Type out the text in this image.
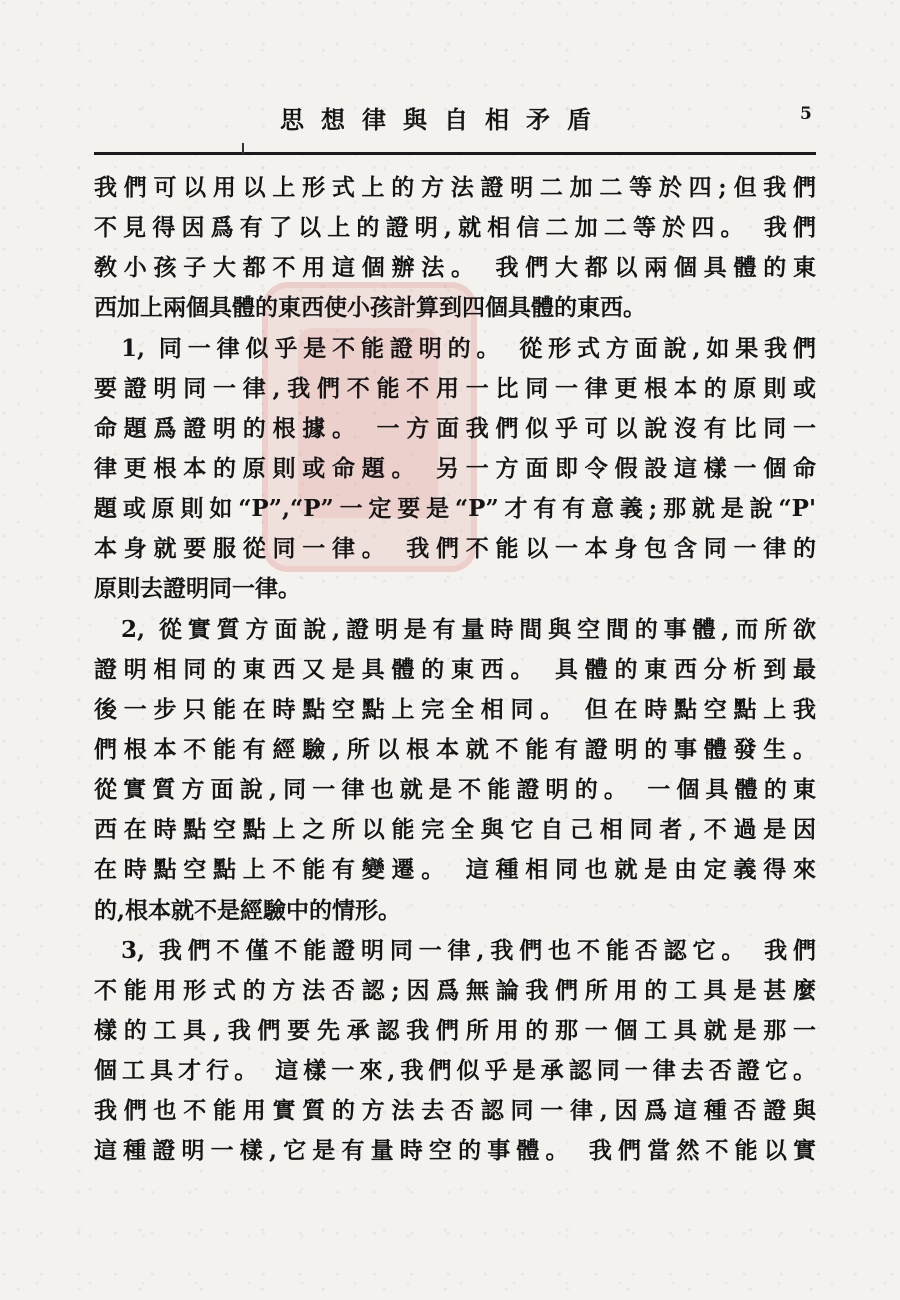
思想律與自相矛盾	5
我們可以用以上形式上的方法證明二加二等於四;但我們
不見得因爲有了以上的證明,就相信二加二等於四。 我們
敎小孩子大都不用這個辦法。 我們大都以兩個具體的東
西加上兩個具體的東西使小孩計算到四個具體的東西。
1, 同一律似乎是不能證明的。 從形式方面說,如果我們
要證明同一律,我們不能不用一比同一律更根本的原則或
命題爲證明的根據。 一方面我們似乎可以說沒有比同一
律更根本的原則或命題。 另一方面即令假設這樣一個命
題或原則如“P”,“P”一定要是“P”才有有意義;那就是說“P'
本身就要服從同一律。 我們不能以一本身包含同一律的
原則去證明同一律。
2, 從實質方面說,證明是有量時間與空間的事體,而所欲
證明相同的東西又是具體的東西。 具體的東西分析到最
後一步只能在時點空點上完全相同。 但在時點空點上我
們根本不能有經驗,所以根本就不能有證明的事體發生。
從實質方面說,同一律也就是不能證明的。 一個具體的東
西在時點空點上之所以能完全與它自己相同者,不過是因
在時點空點上不能有變遷。 這種相同也就是由定義得來
的,根本就不是經驗中的情形。
3, 我們不僅不能證明同一律,我們也不能否認它。 我們
不能用形式的方法否認;因爲無論我們所用的工具是甚麼
樣的工具,我們要先承認我們所用的那一個工具就是那一
個工具才行。 這樣一來,我們似乎是承認同一律去否證它。
我們也不能用實質的方法去否認同一律,因爲這種否證與
這種證明一樣,它是有量時空的事體。 我們當然不能以實
